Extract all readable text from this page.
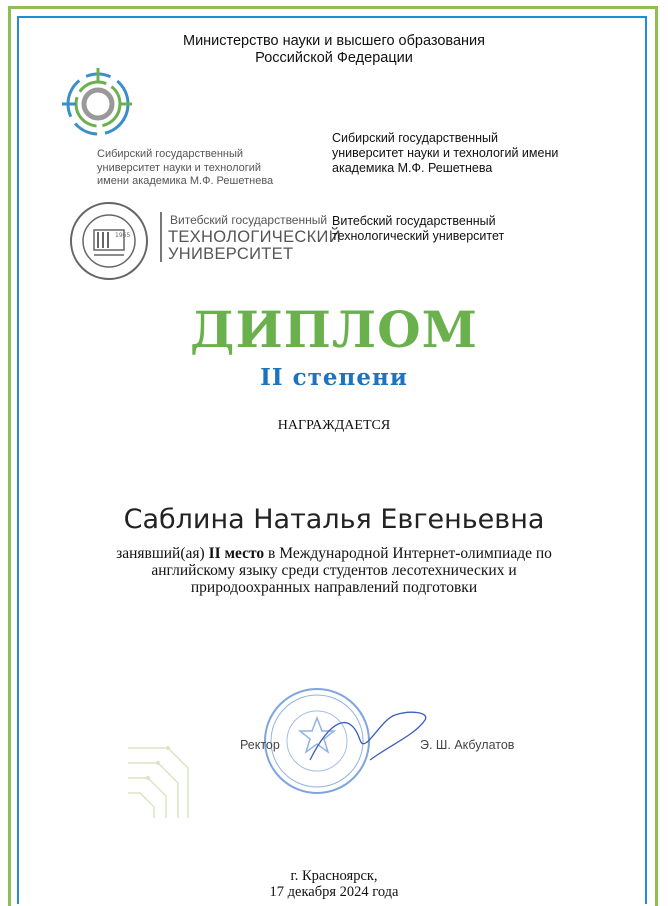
Министерство науки и высшего образования
Российской Федерации
Сибирский государственный
университет науки и технологий
имени академика М.Ф. Решетнева
Сибирский государственный
университет науки и технологий имени
академика М.Ф. Решетнева
1965
Витебский государственный
ТЕХНОЛОГИЧЕСКИЙ
УНИВЕРСИТЕТ
Витебский государственный
технологический университет
ДИПЛОМ
II степени
НАГРАЖДАЕТСЯ
Саблина Наталья Евгеньевна
занявший(ая) II место в Международной Интернет-олимпиаде по
английскому языку среди студентов лесотехнических и
природоохранных направлений подготовки
Ректор	Э. Ш. Акбулатов
г. Красноярск,
17 декабря 2024 года
